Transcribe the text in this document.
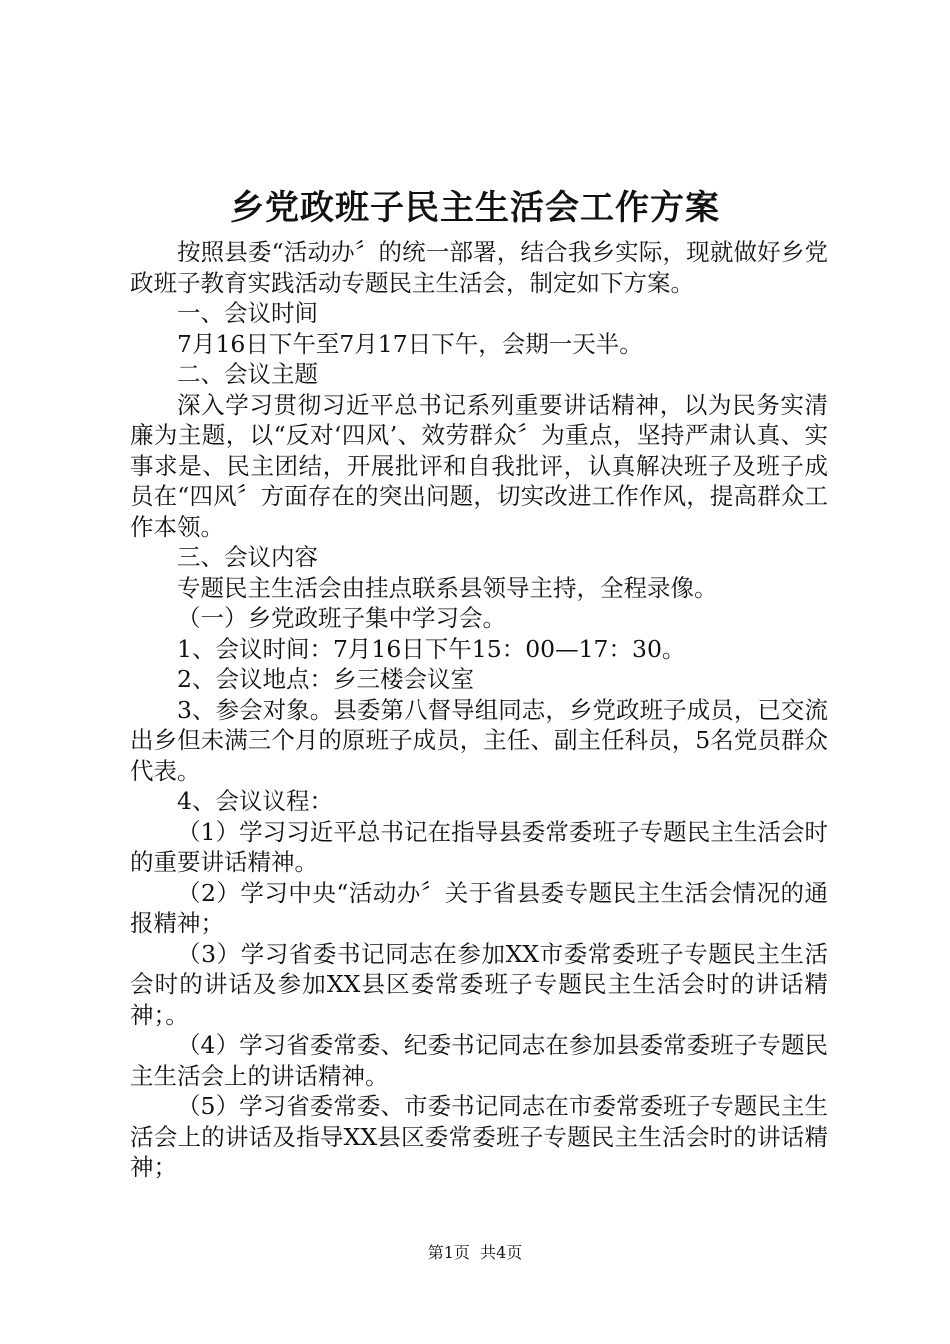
乡党政班子民主生活会工作方案

按照县委“活动办〞的统一部署，结合我乡实际，现就做好乡党政班子教育实践活动专题民主生活会，制定如下方案。

一、会议时间

7月16日下午至7月17日下午，会期一天半。

二、会议主题

深入学习贯彻习近平总书记系列重要讲话精神，以为民务实清廉为主题，以“反对‘四风’、效劳群众〞为重点，坚持严肃认真、实事求是、民主团结，开展批评和自我批评，认真解决班子及班子成员在“四风〞方面存在的突出问题，切实改进工作作风，提高群众工作本领。

三、会议内容

专题民主生活会由挂点联系县领导主持，全程录像。

（一）乡党政班子集中学习会。

1、会议时间：7月16日下午15：00—17：30。

2、会议地点：乡三楼会议室

3、参会对象。县委第八督导组同志，乡党政班子成员，已交流出乡但未满三个月的原班子成员，主任、副主任科员，5名党员群众代表。

4、会议议程：

（1）学习习近平总书记在指导县委常委班子专题民主生活会时的重要讲话精神。

（2）学习中央“活动办〞关于省县委专题民主生活会情况的通报精神；

（3）学习省委书记同志在参加XX市委常委班子专题民主生活会时的讲话及参加XX县区委常委班子专题民主生活会时的讲话精神；。

（4）学习省委常委、纪委书记同志在参加县委常委班子专题民主生活会上的讲话精神。

（5）学习省委常委、市委书记同志在市委常委班子专题民主生活会上的讲话及指导XX县区委常委班子专题民主生活会时的讲话精神；

第1页 共4页
